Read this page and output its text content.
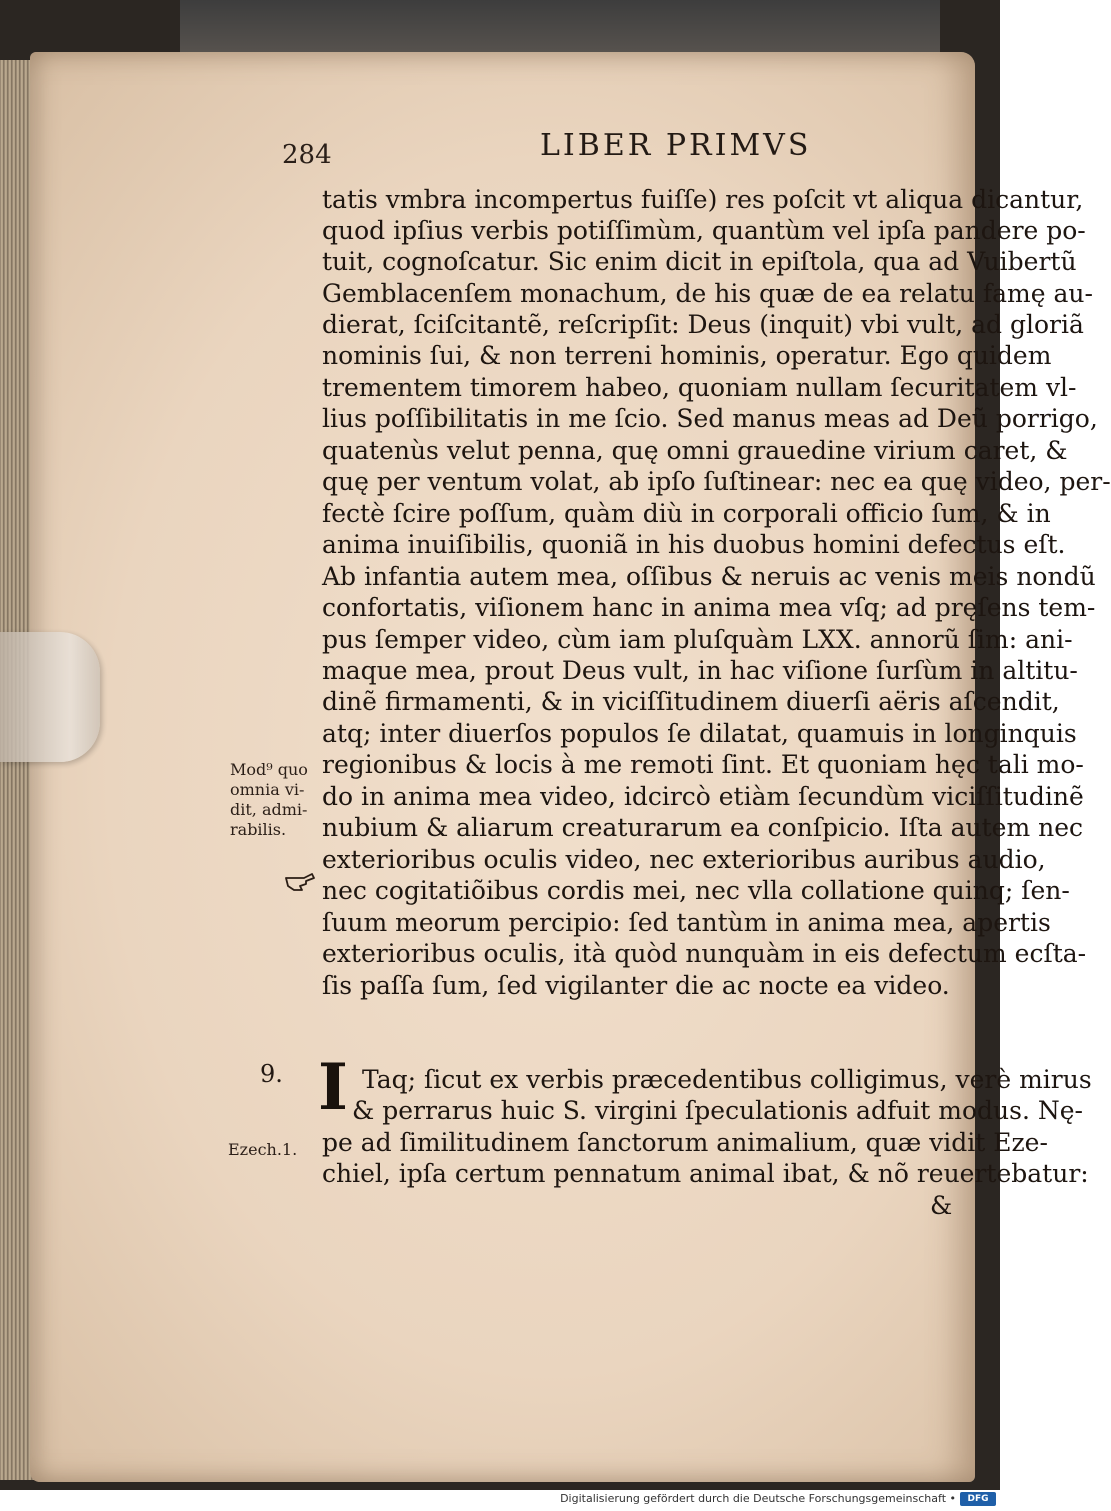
284	LIBER PRIMVS
tatis vmbra incompertus fuiſſe) res poſcit vt aliqua dicantur,
quod ipſius verbis potiſſimùm, quantùm vel ipſa pandere po-
tuit, cognoſcatur. Sic enim dicit in epiſtola, qua ad Vuibertũ
Gemblacenſem monachum, de his quæ de ea relatu famę au-
dierat, ſciſcitantẽ, reſcripſit: Deus (inquit) vbi vult, ad gloriã
nominis ſui, & non terreni hominis, operatur. Ego quidem
trementem timorem habeo, quoniam nullam ſecuritatem vl-
lius poſſibilitatis in me ſcio. Sed manus meas ad Deũ porrigo,
quatenùs velut penna, quę omni grauedine virium caret, &
quę per ventum volat, ab ipſo ſuſtinear: nec ea quę video, per-
fectè ſcire poſſum, quàm diù in corporali officio ſum, & in
anima inuiſibilis, quoniã in his duobus homini defectus eſt.
Ab infantia autem mea, oſſibus & neruis ac venis meis nondũ
confortatis, viſionem hanc in anima mea vſq; ad pręſens tem-
pus ſemper video, cùm iam pluſquàm LXX. annorũ ſim: ani-
maque mea, prout Deus vult, in hac viſione ſurſùm in altitu-
dinẽ firmamenti, & in viciſſitudinem diuerſi aëris aſcendit,
atq; inter diuerſos populos ſe dilatat, quamuis in longinquis
regionibus & locis à me remoti ſint. Et quoniam hęc tali mo-
do in anima mea video, idcircò etiàm ſecundùm viciſſitudinẽ
nubium & aliarum creaturarum ea conſpicio. Iſta autem nec
exterioribus oculis video, nec exterioribus auribus audio,
nec cogitatiõibus cordis mei, nec vlla collatione quinq; ſen-
ſuum meorum percipio: ſed tantùm in anima mea, apertis
exterioribus oculis, ità quòd nunquàm in eis defectum ecſta-
ſis paſſa ſum, ſed vigilanter die ac nocte ea video.
Mod⁹ quo
omnia vi-
dit, admi-
rabilis.
9. I Taq; ſicut ex verbis præcedentibus colligimus, verè mirus
& perrarus huic S. virgini ſpeculationis adfuit modus. Nę-
pe ad ſimilitudinem ſanctorum animalium, quæ vidit Eze-
chiel, ipſa certum pennatum animal ibat, & nõ reuertebatur:
&
Ezech.1.
Digitalisierung gefördert durch die Deutsche Forschungsgemeinschaft •	DFG
